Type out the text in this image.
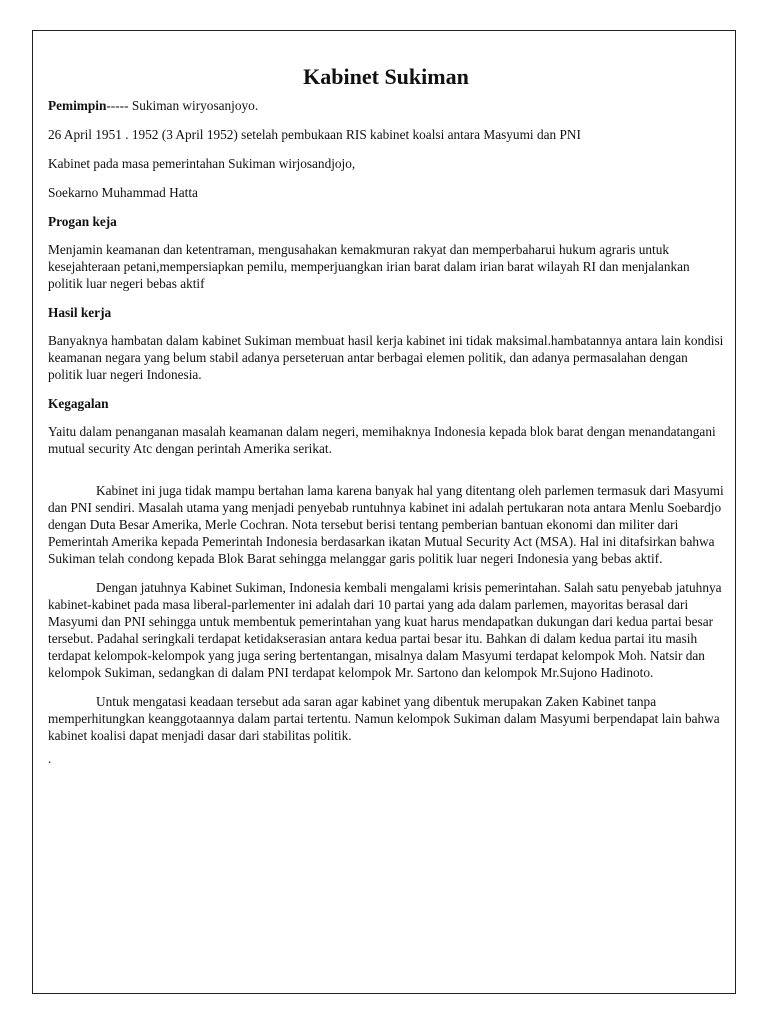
Kabinet Sukiman

Pemimpin----- Sukiman wiryosanjoyo.

26 April 1951 . 1952 (3 April 1952) setelah pembukaan RIS kabinet koalsi antara Masyumi dan PNI

Kabinet pada masa pemerintahan Sukiman wirjosandjojo,

Soekarno Muhammad Hatta

Progan keja

Menjamin keamanan dan ketentraman, mengusahakan kemakmuran rakyat dan memperbaharui hukum agraris untuk kesejahteraan petani,mempersiapkan pemilu, memperjuangkan irian barat dalam irian barat wilayah RI dan menjalankan politik luar negeri bebas aktif

Hasil kerja

Banyaknya hambatan dalam kabinet Sukiman membuat hasil kerja kabinet ini tidak maksimal.hambatannya antara lain kondisi keamanan negara yang belum stabil adanya perseteruan antar berbagai elemen politik, dan adanya permasalahan dengan politik luar negeri Indonesia.

Kegagalan

Yaitu dalam penanganan masalah keamanan dalam negeri, memihaknya Indonesia kepada blok barat dengan menandatangani mutual security Atc dengan perintah Amerika serikat.

Kabinet ini juga tidak mampu bertahan lama karena banyak hal yang ditentang oleh parlemen termasuk dari Masyumi dan PNI sendiri. Masalah utama yang menjadi penyebab runtuhnya kabinet ini adalah pertukaran nota antara Menlu Soebardjo dengan Duta Besar Amerika, Merle Cochran. Nota tersebut berisi tentang pemberian bantuan ekonomi dan militer dari Pemerintah Amerika kepada Pemerintah Indonesia berdasarkan ikatan Mutual Security Act (MSA). Hal ini ditafsirkan bahwa Sukiman telah condong kepada Blok Barat sehingga melanggar garis politik luar negeri Indonesia yang bebas aktif.

Dengan jatuhnya Kabinet Sukiman, Indonesia kembali mengalami krisis pemerintahan. Salah satu penyebab jatuhnya kabinet-kabinet pada masa liberal-parlementer ini adalah dari 10 partai yang ada dalam parlemen, mayoritas berasal dari Masyumi dan PNI sehingga untuk membentuk pemerintahan yang kuat harus mendapatkan dukungan dari kedua partai besar tersebut. Padahal seringkali terdapat ketidakserasian antara kedua partai besar itu. Bahkan di dalam kedua partai itu masih terdapat kelompok-kelompok yang juga sering bertentangan, misalnya dalam Masyumi terdapat kelompok Moh. Natsir dan kelompok Sukiman, sedangkan di dalam PNI terdapat kelompok Mr. Sartono dan kelompok Mr.Sujono Hadinoto.

Untuk mengatasi keadaan tersebut ada saran agar kabinet yang dibentuk merupakan Zaken Kabinet tanpa memperhitungkan keanggotaannya dalam partai tertentu. Namun kelompok Sukiman dalam Masyumi berpendapat lain bahwa kabinet koalisi dapat menjadi dasar dari stabilitas politik.

.
